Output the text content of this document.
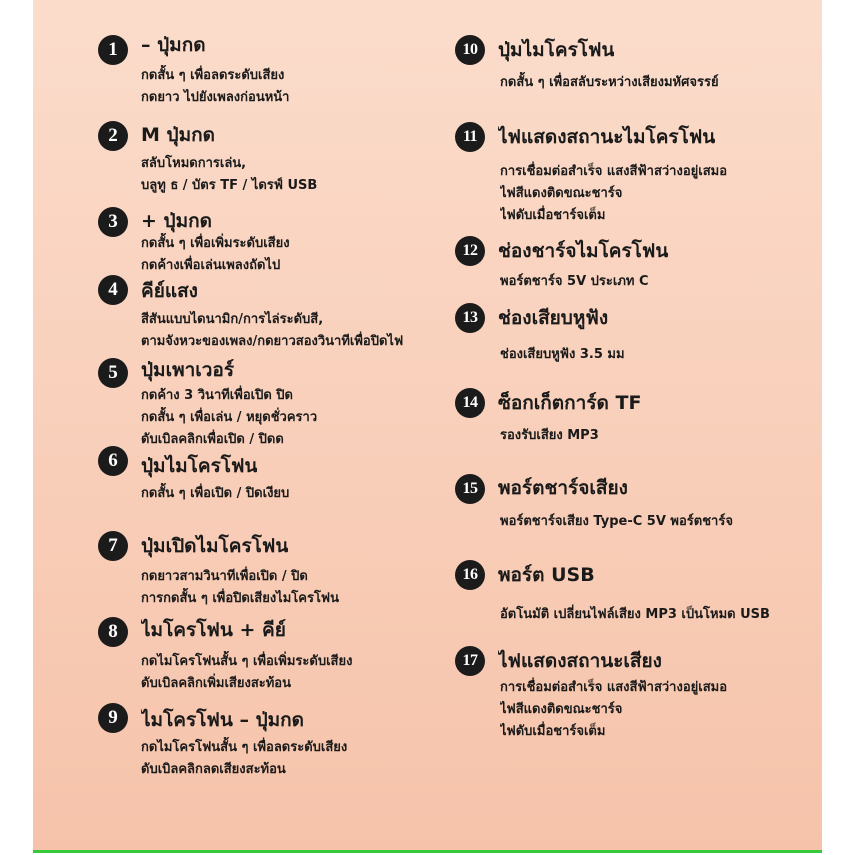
1 – ปุ่มกด
กดสั้น ๆ เพื่อลดระดับเสียง
กดยาว ไปยังเพลงก่อนหน้า
2 M ปุ่มกด
สลับโหมดการเล่น,
บลูทู ธ / บัตร TF / ไดรฟ์ USB
3 + ปุ่มกด
กดสั้น ๆ เพื่อเพิ่มระดับเสียง
กดค้างเพื่อเล่นเพลงถัดไป
4 คีย์แสง
สีสันแบบไดนามิก/การไล่ระดับสี,
ตามจังหวะของเพลง/กดยาวสองวินาทีเพื่อปิดไฟ
5 ปุ่มเพาเวอร์
กดค้าง 3 วินาทีเพื่อเปิด ปิด
กดสั้น ๆ เพื่อเล่น / หยุดชั่วคราว
ดับเบิลคลิกเพื่อเปิด / ปิดด
6 ปุ่มไมโครโฟน
กดสั้น ๆ เพื่อเปิด / ปิดเงียบ
7 ปุ่มเปิดไมโครโฟน
กดยาวสามวินาทีเพื่อเปิด / ปิด
การกดสั้น ๆ เพื่อปิดเสียงไมโครโฟน
8 ไมโครโฟน + คีย์
กดไมโครโฟนสั้น ๆ เพื่อเพิ่มระดับเสียง
ดับเบิลคลิกเพิ่มเสียงสะท้อน
9 ไมโครโฟน – ปุ่มกด
กดไมโครโฟนสั้น ๆ เพื่อลดระดับเสียง
ดับเบิลคลิกลดเสียงสะท้อน
10 ปุ่มไมโครโฟน
กดสั้น ๆ เพื่อสลับระหว่างเสียงมหัศจรรย์
11 ไฟแสดงสถานะไมโครโฟน
การเชื่อมต่อสำเร็จ แสงสีฟ้าสว่างอยู่เสมอ
ไฟสีแดงติดขณะชาร์จ
ไฟดับเมื่อชาร์จเต็ม
12 ช่องชาร์จไมโครโฟน
พอร์ตชาร์จ 5V ประเภท C
13 ช่องเสียบหูฟัง
ช่องเสียบหูฟัง 3.5 มม
14 ซ็อกเก็ตการ์ด TF
รองรับเสียง MP3
15 พอร์ตชาร์จเสียง
พอร์ตชาร์จเสียง Type-C 5V พอร์ตชาร์จ
16 พอร์ต USB
อัตโนมัติ เปลี่ยนไฟล์เสียง MP3 เป็นโหมด USB
17 ไฟแสดงสถานะเสียง
การเชื่อมต่อสำเร็จ แสงสีฟ้าสว่างอยู่เสมอ
ไฟสีแดงติดขณะชาร์จ
ไฟดับเมื่อชาร์จเต็ม
